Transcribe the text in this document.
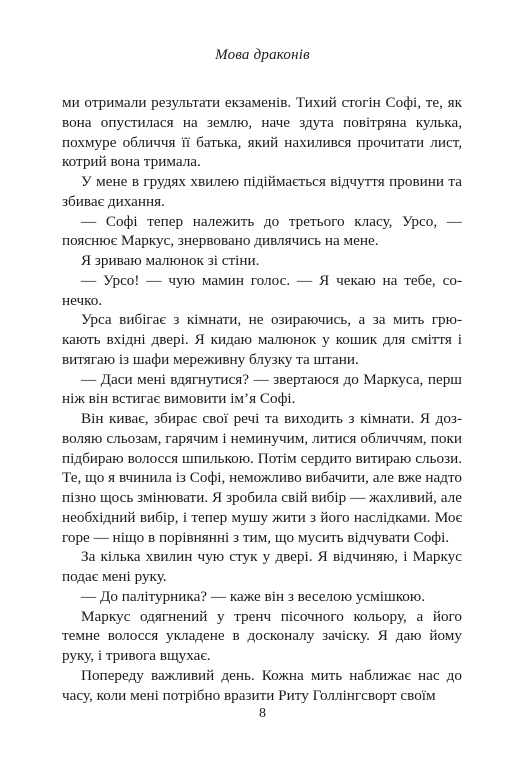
Мова драконів

ми отримали результати екзаменів. Тихий стогін Софі, те, як вона опустилася на землю, наче здута повітряна кулька, похмуре обличчя її батька, який нахилився прочитати лист, котрий вона тримала.

У мене в грудях хвилею підіймається відчуття провини та збиває дихання.

— Софі тепер належить до третього класу, Урсо, — пояснює Маркус, знервовано дивлячись на мене.

Я зриваю малюнок зі стіни.

— Урсо! — чую мамин голос. — Я чекаю на тебе, сонечко.

Урса вибігає з кімнати, не озираючись, а за мить грюкають вхідні двері. Я кидаю малюнок у кошик для сміття і витягаю із шафи мереживну блузку та штани.

— Даси мені вдягнутися? — звертаюся до Маркуса, перш ніж він встигає вимовити ім’я Софі.

Він киває, збирає свої речі та виходить з кімнати. Я дозволяю сльозам, гарячим і неминучим, литися обличчям, поки підбираю волосся шпилькою. Потім сердито витираю сльози. Те, що я вчинила із Софі, неможливо вибачити, але вже надто пізно щось змінювати. Я зробила свій вибір — жахливий, але необхідний вибір, і тепер мушу жити з його наслідками. Моє горе — ніщо в порівнянні з тим, що мусить відчувати Софі.

За кілька хвилин чую стук у двері. Я відчиняю, і Маркус подає мені руку.

— До палітурника? — каже він з веселою усмішкою.

Маркус одягнений у тренч пісочного кольору, а його темне волосся укладене в досконалу зачіску. Я даю йому руку, і тривога вщухає.

Попереду важливий день. Кожна мить наближає нас до часу, коли мені потрібно вразити Риту Голлінгсворт своїм

8
